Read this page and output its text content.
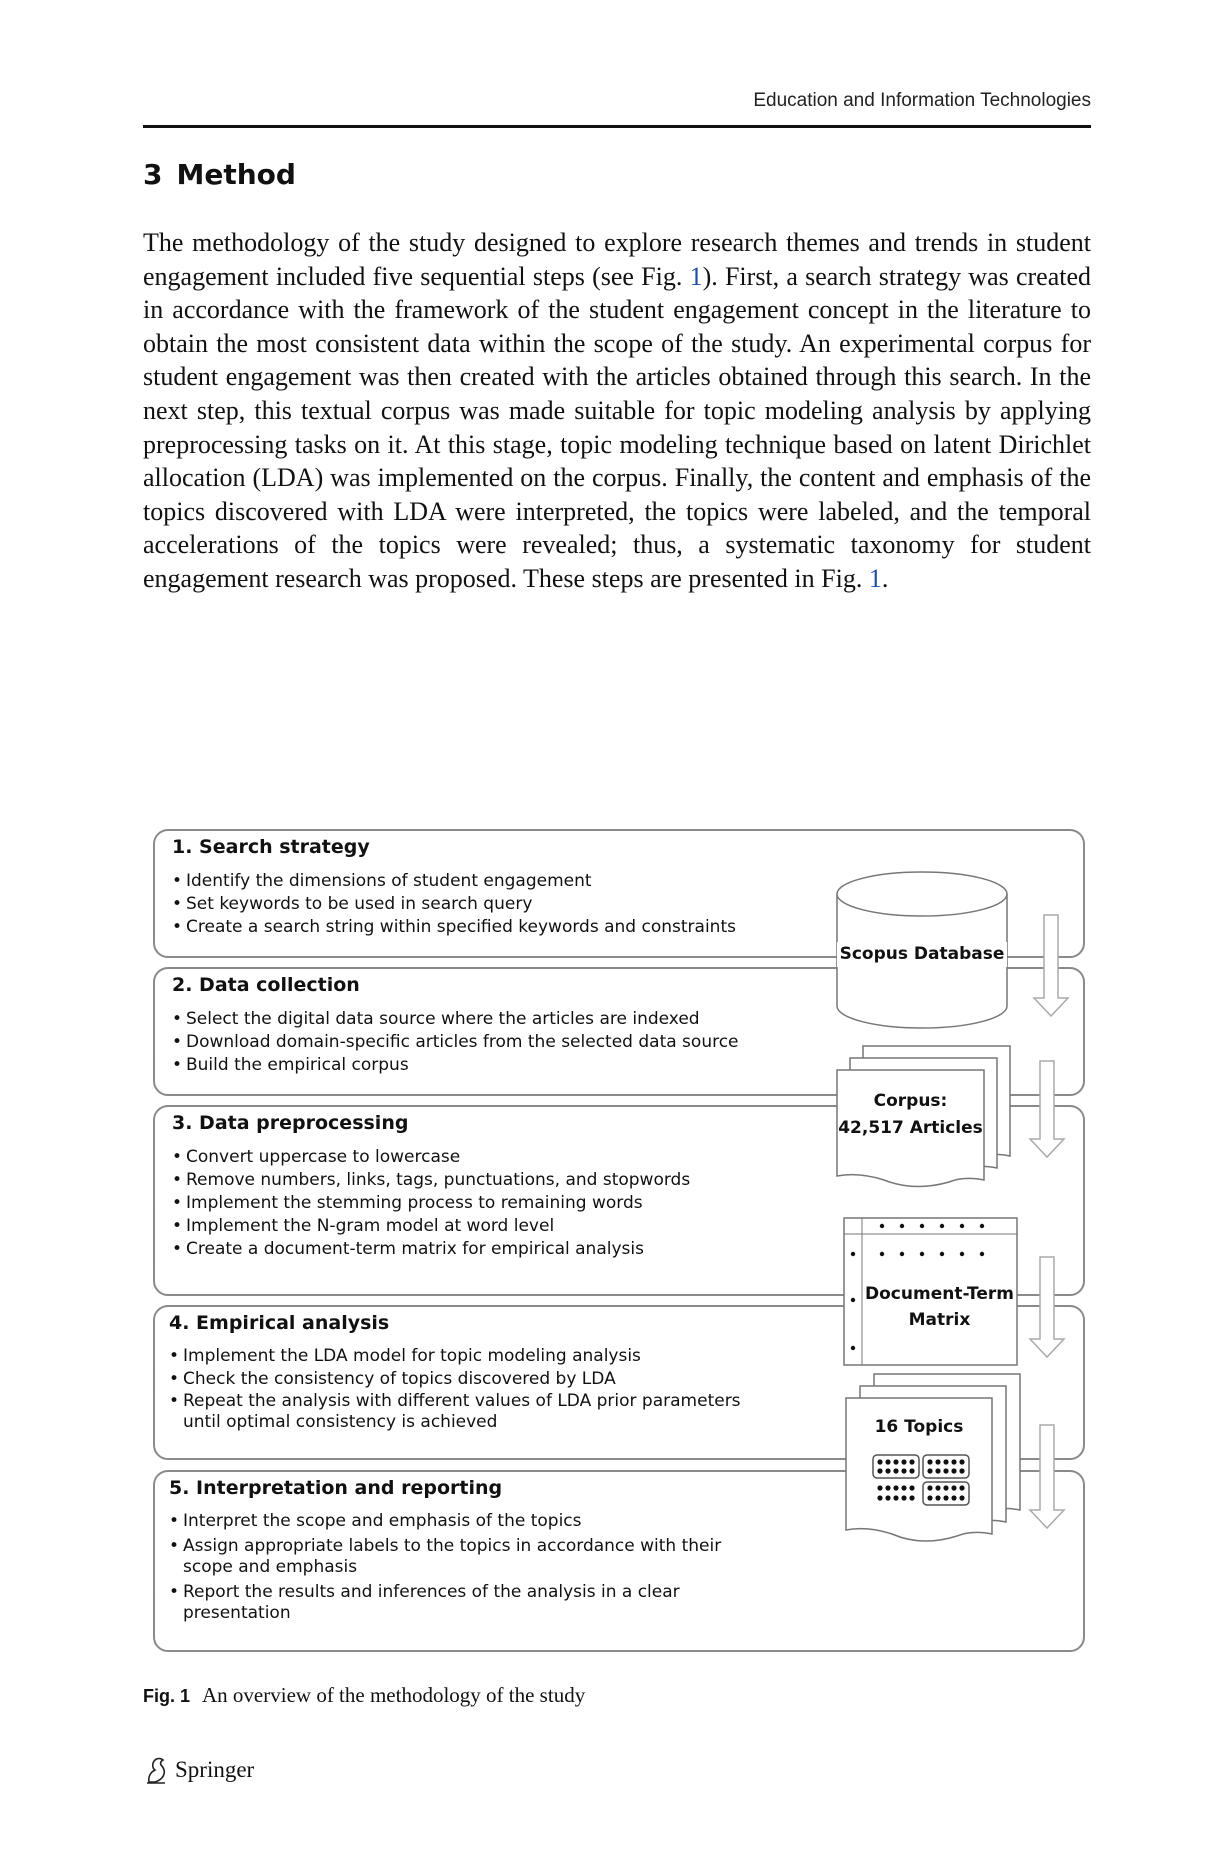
Education and Information Technologies
3 Method

The methodology of the study designed to explore research themes and trends in student engagement included five sequential steps (see Fig. 1). First, a search strategy was created in accordance with the framework of the student engagement concept in the literature to obtain the most consistent data within the scope of the study. An experimental corpus for student engagement was then created with the articles obtained through this search. In the next step, this textual corpus was made suitable for topic modeling analysis by applying preprocessing tasks on it. At this stage, topic modeling technique based on latent Dirichlet allocation (LDA) was implemented on the corpus. Finally, the content and emphasis of the topics discovered with LDA were interpreted, the topics were labeled, and the temporal accelerations of the topics were revealed; thus, a systematic taxonomy for student engagement research was proposed. These steps are presented in Fig. 1.

1. Search strategy
• Identify the dimensions of student engagement
• Set keywords to be used in search query
• Create a search string within specified keywords and constraints
2. Data collection
• Select the digital data source where the articles are indexed
• Download domain-specific articles from the selected data source
• Build the empirical corpus
3. Data preprocessing
• Convert uppercase to lowercase
• Remove numbers, links, tags, punctuations, and stopwords
• Implement the stemming process to remaining words
• Implement the N-gram model at word level
• Create a document-term matrix for empirical analysis
4. Empirical analysis
• Implement the LDA model for topic modeling analysis
• Check the consistency of topics discovered by LDA
• Repeat the analysis with different values of LDA prior parameters until optimal consistency is achieved
5. Interpretation and reporting
• Interpret the scope and emphasis of the topics
• Assign appropriate labels to the topics in accordance with their scope and emphasis
• Report the results and inferences of the analysis in a clear presentation
Scopus Database
Corpus:
42,517 Articles
Document-Term
Matrix
16 Topics
Fig. 1 An overview of the methodology of the study
Springer
